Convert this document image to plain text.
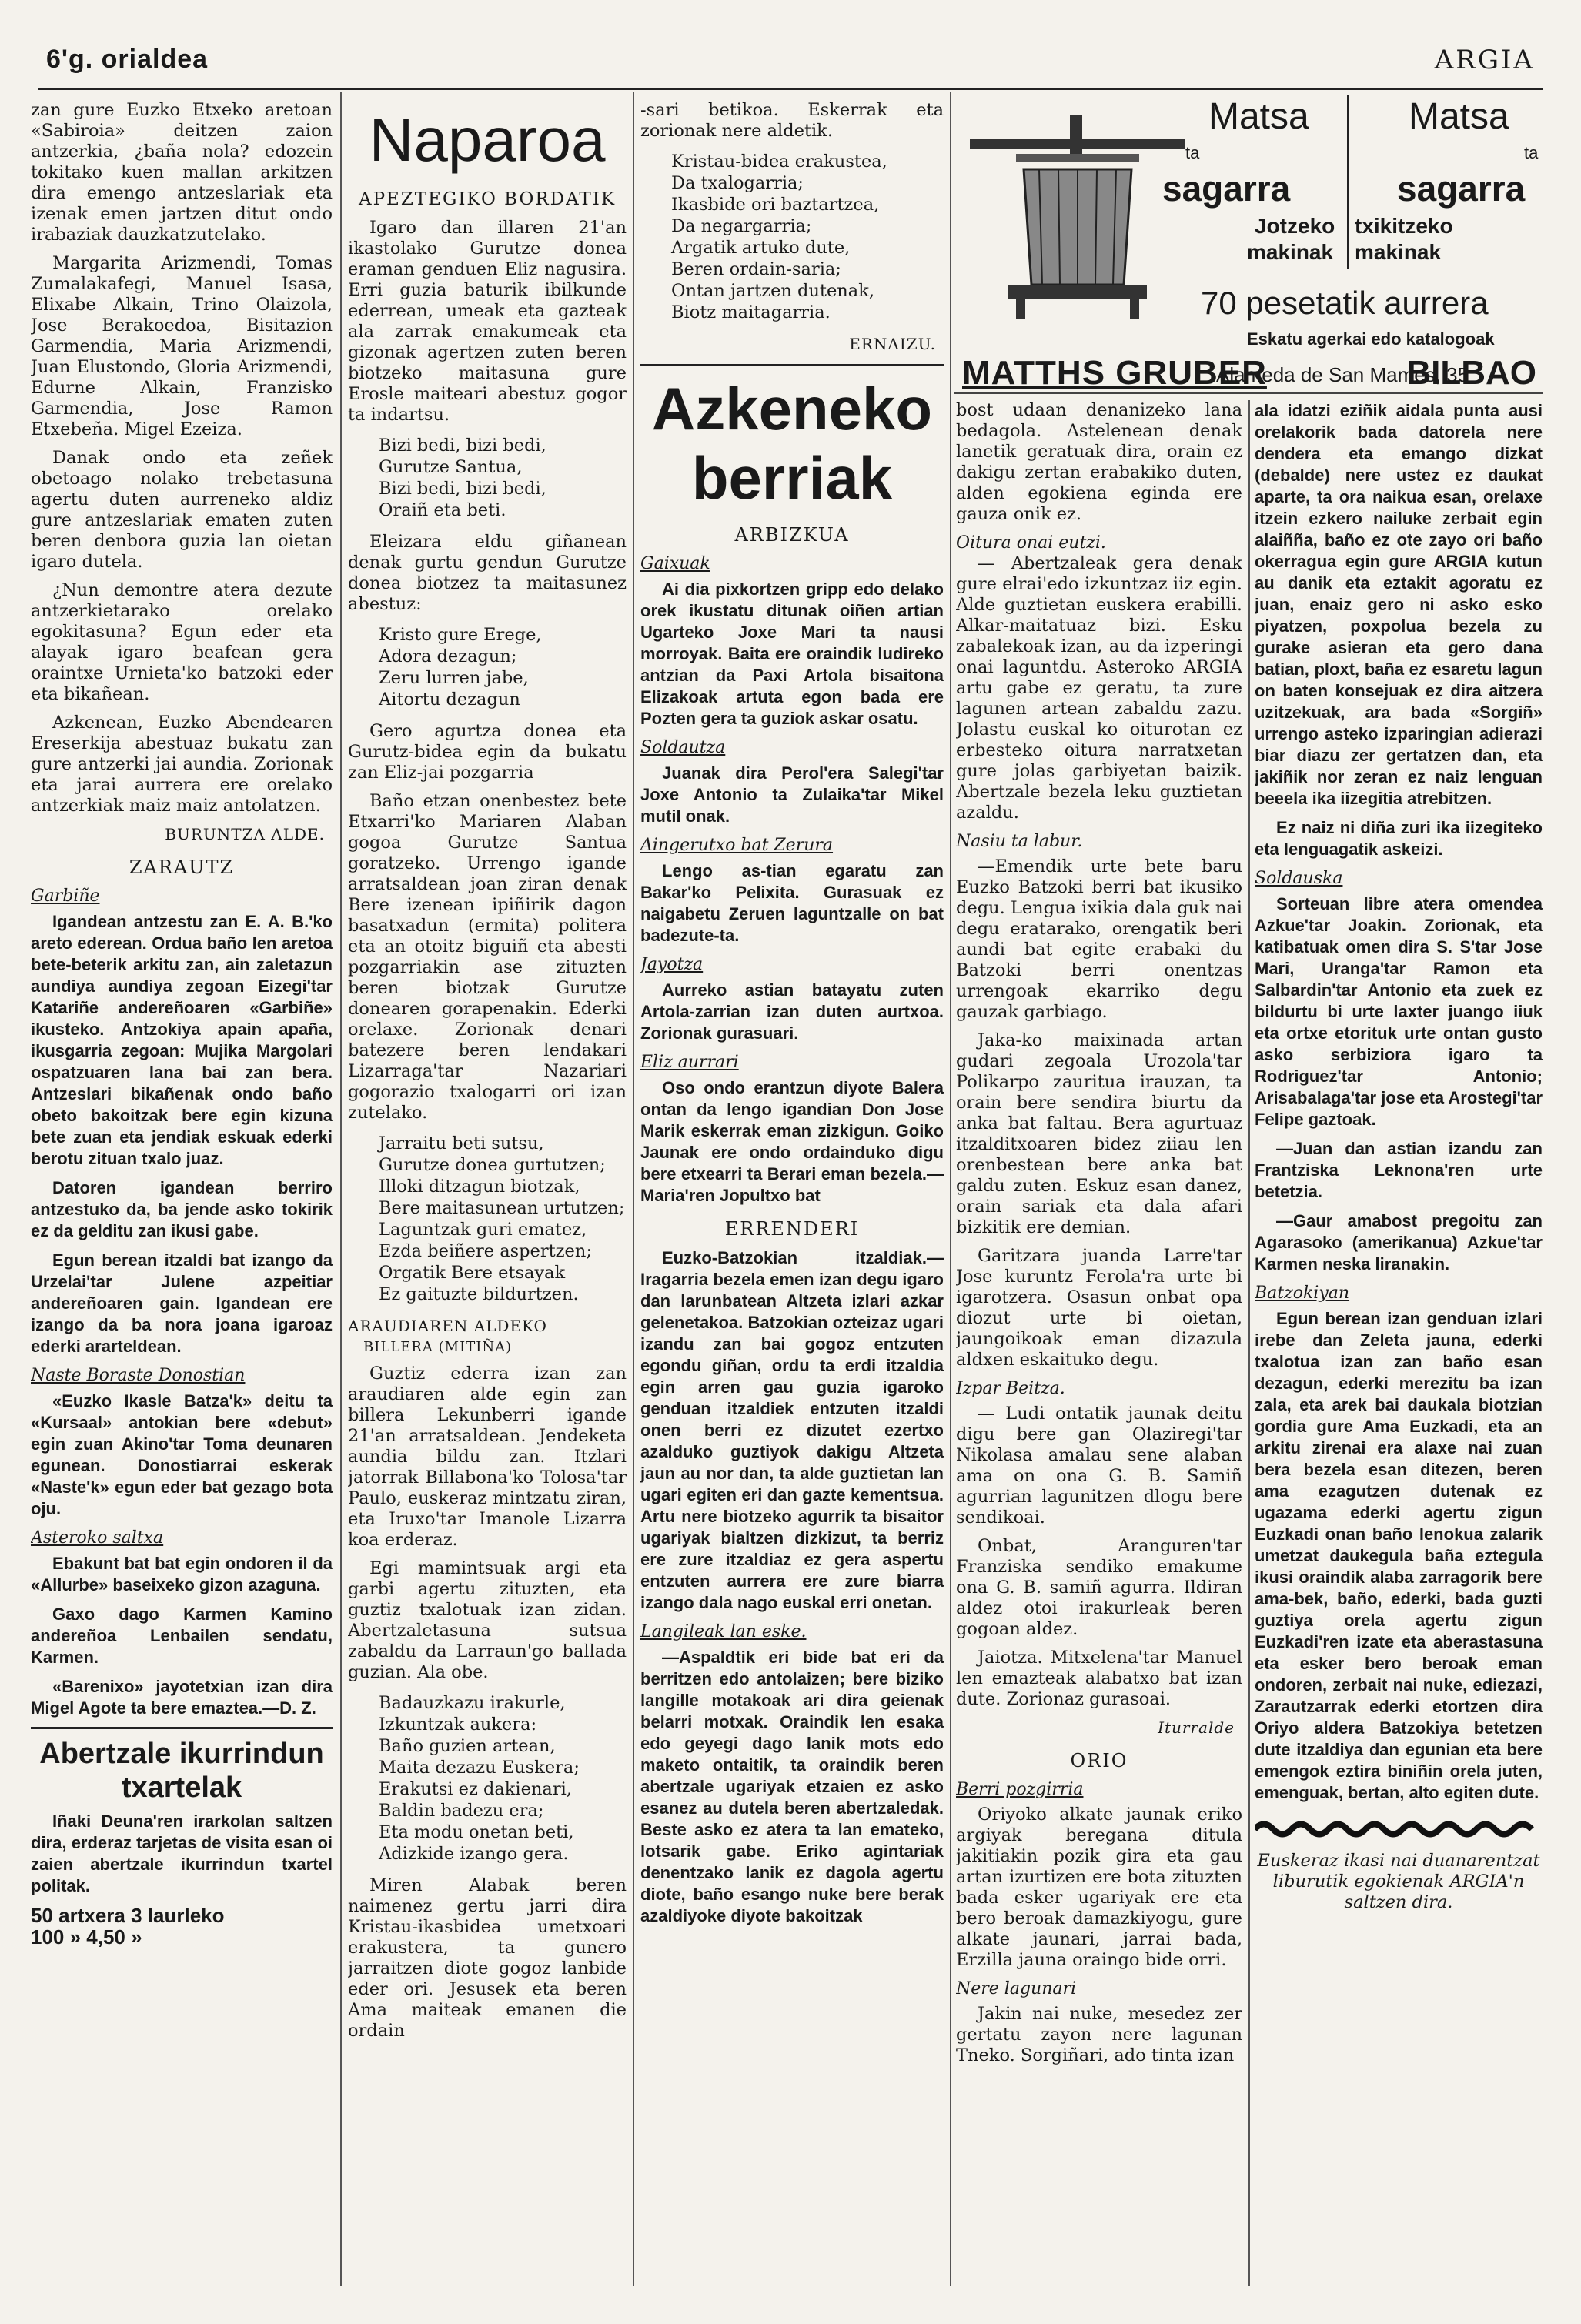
6'g. orialdea	ARGIA

zan gure Euzko Etxeko aretoan «Sabiroia» deitzen zaion antzerkia, ¿baña nola? edozein tokitako kuen mallan arkitzen dira emengo antzeslariak eta izenak emen jartzen ditut ondo irabaziak dauzkatzutelako.

Margarita Arizmendi, Tomas Zumalakafegi, Manuel Isasa, Elixabe Alkain, Trino Olaizola, Jose Berakoedoa, Bisitazion Garmendia, Maria Arizmendi, Juan Elustondo, Gloria Arizmendi, Edurne Alkain, Franzisko Garmendia, Jose Ramon Etxebeña. Migel Ezeiza.

Danak ondo eta zeñek obetoago nolako trebetasuna agertu duten aurreneko aldiz gure antzeslariak ematen zuten beren denbora guzia lan oietan igaro dutela.

¿Nun demontre atera dezute antzerkietarako orelako egokitasuna? Egun eder eta alayak igaro beafean gera oraintxe Urnieta'ko batzoki eder eta bikañean.

Azkenean, Euzko Abendearen Ereserkija abestuaz bukatu zan gure antzerki jai aundia. Zorionak eta jarai aurrera ere orelako antzerkiak maiz maiz antolatzen.

BURUNTZA ALDE.
ZARAUTZ
Garbiñe

Igandean antzestu zan E. A. B.'ko areto ederean. Ordua baño len aretoa bete-beterik arkitu zan, ain zaletazun aundiya aundiya zegoan Eizegi'tar Katariñe andereñoaren «Garbiñe» ikusteko. Antzokiya apain apaña, ikusgarria zegoan: Mujika Margolari ospatzuaren lana bai zan bera. Antzeslari bikañenak ondo baño obeto bakoitzak bere egin kizuna bete zuan eta jendiak eskuak ederki berotu zituan txalo juaz.

Datoren igandean berriro antzestuko da, ba jende asko tokirik ez da gelditu zan ikusi gabe.

Egun berean itzaldi bat izango da Urzelai'tar Julene azpeitiar andereñoaren gain. Igandean ere izango da ba nora joana igaroaz ederki ararteldean.

Naste Boraste Donostian

«Euzko Ikasle Batza'k» deitu ta «Kursaal» antokian bere «debut» egin zuan Akino'tar Toma deunaren egunean. Donostiarrai eskerak «Naste'k» egun eder bat gezago bota oju.

Asteroko saltxa

Ebakunt bat bat egin ondoren il da «Allurbe» baseixeko gizon azaguna.

Gaxo dago Karmen Kamino andereñoa Lenbailen sendatu, Karmen.

«Barenixo» jayotetxian izan dira Migel Agote ta bere emaztea.—D. Z.

Abertzale ikurrindun
txartelak

Iñaki Deuna'ren irarkolan saltzen dira, erderaz tarjetas de visita esan oi zaien abertzale ikurrindun txartel politak.

50 artxera 3 laurleko
100 » 4,50 »
Naparoa
APEZTEGIKO BORDATIK

Igaro dan illaren 21'an ikastolako Gurutze donea eraman genduen Eliz nagusira. Erri guzia baturik ibilkunde ederrean, umeak eta gazteak ala zarrak emakumeak eta gizonak agertzen zuten beren biotzeko maitasuna gure Erosle maiteari abestuz gogor ta indartsu.

Bizi bedi, bizi bedi,
Gurutze Santua,
Bizi bedi, bizi bedi,
Oraiñ eta beti.

Eleizara eldu giñanean denak gurtu gendun Gurutze donea biotzez ta maitasunez abestuz:

Kristo gure Erege,
Adora dezagun;
Zeru lurren jabe,
Aitortu dezagun

Gero agurtza donea eta Gurutz-bidea egin da bukatu zan Eliz-jai pozgarria

Baño etzan onenbestez bete Etxarri'ko Mariaren Alaban gogoa Gurutze Santua goratzeko. Urrengo igande arratsaldean joan ziran denak Bere izenean ipiñirik dagon basatxadun (ermita) politera eta an otoitz biguiñ eta abesti pozgarriakin ase zituzten beren biotzak Gurutze donearen gorapenakin. Ederki orelaxe. Zorionak denari batezere beren lendakari Lizarraga'tar Nazariari gogorazio txalogarri ori izan zutelako.

Jarraitu beti sutsu,
Gurutze donea gurtutzen;
Illoki ditzagun biotzak,
Bere maitasunean urtutzen;
Laguntzak guri ematez,
Ezda beiñere aspertzen;
Orgatik Bere etsayak
Ez gaituzte bildurtzen.
ARAUDIAREN ALDEKO
BILLERA (MITIÑA)

Guztiz ederra izan zan araudiaren alde egin zan billera Lekunberri igande 21'an arratsaldean. Jendeketa aundia bildu zan. Itzlari jatorrak Billabona'ko Tolosa'tar Paulo, euskeraz mintzatu ziran, eta Iruxo'tar Imanole Lizarra koa erderaz.

Egi mamintsuak argi eta garbi agertu zituzten, eta guztiz txalotuak izan zidan. Abertzaletasuna sutsua zabaldu da Larraun'go ballada guzian. Ala obe.

Badauzkazu irakurle,
Izkuntzak aukera:
Baño guzien artean,
Maita dezazu Euskera;
Erakutsi ez dakienari,
Baldin badezu era;
Eta modu onetan beti,
Adizkide izango gera.

Miren Alabak beren naimenez gertu jarri dira Kristau-ikasbidea umetxoari erakustera, ta gunero jarraitzen diote gogoz lanbide eder ori. Jesusek eta beren Ama maiteak emanen die ordain

-sari betikoa. Eskerrak eta zorionak nere aldetik.

Kristau-bidea erakustea,
Da txalogarria;
Ikasbide ori baztartzea,
Da negargarria;
Argatik artuko dute,
Beren ordain-saria;
Ontan jartzen dutenak,
Biotz maitagarria.
ERNAIZU.
Azkeneko
berriak
ARBIZKUA
Gaixuak

Ai dia pixkortzen gripp edo delako orek ikustatu ditunak oiñen artian Ugarteko Joxe Mari ta nausi morroyak. Baita ere oraindik ludireko antzian da Paxi Artola bisaitona Elizakoak artuta egon bada ere Pozten gera ta guziok askar osatu.

Soldautza

Juanak dira Perol'era Salegi'tar Joxe Antonio ta Zulaika'tar Mikel mutil onak.

Aingerutxo bat Zerura

Lengo as-tian egaratu zan Bakar'ko Pelixita. Gurasuak ez naigabetu Zeruen laguntzalle on bat badezute-ta.

Jayotza

Aurreko astian batayatu zuten Artola-zarrian izan duten aurtxoa. Zorionak gurasuari.

Eliz aurrari

Oso ondo erantzun diyote Balera ontan da lengo igandian Don Jose Marik eskerrak eman zizkigun. Goiko Jaunak ere ondo ordainduko digu bere etxearri ta Berari eman bezela.—Maria'ren Jopultxo bat

ERRENDERI

Euzko-Batzokian itzaldiak.— Iragarria bezela emen izan degu igaro dan larunbatean Altzeta izlari azkar gelenetakoa. Batzokian ozteizaz ugari izandu zan bai gogoz entzuten egondu giñan, ordu ta erdi itzaldia egin arren gau guzia igaroko genduan itzaldiek entzuten itzaldi onen berri ez dizutet ezertxo azalduko guztiyok dakigu Altzeta jaun au nor dan, ta alde guztietan lan ugari egiten eri dan gazte kementsua. Artu nere biotzeko agurrik ta bisaitor ugariyak bialtzen dizkizut, ta berriz ere zure itzaldiaz ez gera aspertu entzuten aurrera ere zure biarra izango dala nago euskal erri onetan.

Langileak lan eske.

—Aspaldtik eri bide bat eri da berritzen edo antolaizen; bere biziko langille motakoak ari dira geienak belarri motxak. Oraindik len esaka edo geyegi dago lanik mots edo maketo ontaitik, ta oraindik beren abertzale ugariyak etzaien ez asko esanez au dutela beren abertzaledak. Beste asko ez atera ta lan emateko, lotsarik gabe. Eriko agintariak denentzako lanik ez dagola agertu diote, baño esango nuke bere berak azaldiyoke diyote bakoitzak

Matsa
ta
sagarra
Jotzeko
makinak
Matsa
ta
sagarra
txikitzeko
makinak
70 pesetatik aurrera
Eskatu agerkai edo katalogoak
MATTHS GRUBER
Alameda de San Mames, 35
BILBAO

bost udaan denanizeko lana bedagola. Astelenean denak lanetik geratuak dira, orain ez dakigu zertan erabakiko duten, alden egokiena eginda ere gauza onik ez.

Oitura onai eutzi.

— Abertzaleak gera denak gure elrai'edo izkuntzaz iiz egin. Alde guztietan euskera erabilli. Alkar-maitatuaz bizi. Esku zabalekoak izan, au da izperingi onai laguntdu. Asteroko ARGIA artu gabe ez geratu, ta zure lagunen artean zabaldu zazu. Jolastu euskal ko oiturotan ez erbesteko oitura narratxetan gure jolas garbiyetan baizik. Abertzale bezela leku guztietan azaldu.

Nasiu ta labur.

—Emendik urte bete baru Euzko Batzoki berri bat ikusiko degu. Lengua ixikia dala guk nai degu eratarako, orengatik beri aundi bat egite erabaki du Batzoki berri onentzas urrengoak ekarriko degu gauzak garbiago.

Jaka-ko maixinada artan gudari zegoala Urozola'tar Polikarpo zauritua irauzan, ta orain bere sendira biurtu da anka bat faltau. Bera agurtuaz itzalditxoaren bidez ziiau len orenbestean bere anka bat galdu zuten. Eskuz esan danez, orain sariak eta dala afari bizkitik ere demian.

Garitzara juanda Larre'tar Jose kuruntz Ferola'ra urte bi igarotzera. Osasun onbat opa diozut urte bi oietan, jaungoikoak eman dizazula aldxen eskaituko degu.

Izpar Beitza.

— Ludi ontatik jaunak deitu digu bere gan Olaziregi'tar Nikolasa amalau sene alaban ama on ona G. B. Samiñ agurrian lagunitzen dlogu bere sendikoai.

Onbat, Aranguren'tar Franziska sendiko emakume ona G. B. samiñ agurra. Ildiran aldez otoi irakurleak beren gogoan aldez.

Jaiotza. Mitxelena'tar Manuel len emazteak alabatxo bat izan dute. Zorionaz gurasoai.

Iturralde
ORIO
Berri pozgirria

Oriyoko alkate jaunak eriko argiyak beregana ditula jakitiakin pozik gira eta gau artan izurtizen ere bota zituzten bada esker ugariyak ere eta bero beroak damazkiyogu, gure alkate jaunari, jarrai bada, Erzilla jauna oraingo bide orri.

Nere lagunari

Jakin nai nuke, mesedez zer gertatu zayon nere lagunan Tneko. Sorgiñari, ado tinta izan

ala idatzi eziñik aidala punta ausi orelakorik bada datorela nere dendera eta emango dizkat (debalde) nere ustez ez daukat aparte, ta ora naikua esan, orelaxe itzein ezkero nailuke zerbait egin alaiñña, baño ez ote zayo ori baño okerragua egin gure ARGIA kutun au danik eta eztakit agoratu ez juan, enaiz gero ni asko esko piyatzen, poxpolua bezela zu gurake asieran eta gero dana batian, ploxt, baña ez esaretu lagun on baten konsejuak ez dira aitzera uzitzekuak, ara bada «Sorgiñ» urrengo asteko izparingian adierazi biar diazu zer gertatzen dan, eta jakiñik nor zeran ez naiz lenguan beeela ika iizegitia atrebitzen.

Ez naiz ni diña zuri ika iizegiteko eta lenguagatik askeizi.

Soldauska

Sorteuan libre atera omendea Azkue'tar Joakin. Zorionak, eta katibatuak omen dira S. S'tar Jose Mari, Uranga'tar Ramon eta Salbardin'tar Antonio eta zuek ez bildurtu bi urte laxter juango iiuk eta ortxe etorituk urte ontan gusto asko serbiziora igaro ta Rodriguez'tar Antonio; Arisabalaga'tar jose eta Arostegi'tar Felipe gaztoak.

—Juan dan astian izandu zan Frantziska Leknona'ren urte betetzia.

—Gaur amabost pregoitu zan Agarasoko (amerikanua) Azkue'tar Karmen neska liranakin.

Batzokiyan

Egun berean izan genduan izlari irebe dan Zeleta jauna, ederki txalotua izan zan baño esan dezagun, ederki merezitu ba izan zala, eta arek bai daukala biotzian gordia gure Ama Euzkadi, eta an arkitu zirenai era alaxe nai zuan bera bezela esan ditezen, beren ama ezagutzen dutenak ez ugazama ederki agertu zigun Euzkadi onan baño lenokua zalarik umetzat daukegula baña eztegula ikusi oraindik alaba zarragorik bere ama-bek, baño, ederki, bada guzti guztiya orela agertu zigun Euzkadi'ren izate eta aberastasuna eta esker bero beroak eman ondoren, zerbait nai nuke, ediezazi, Zarautzarrak ederki etortzen dira Oriyo aldera Batzokiya betetzen dute itzaldiya dan egunian eta bere emengok eztira biniñin orela juten, emenguak, bertan, alto egiten dute.

Euskeraz ikasi nai duanarentzat liburutik egokienak ARGIA'n saltzen dira.
